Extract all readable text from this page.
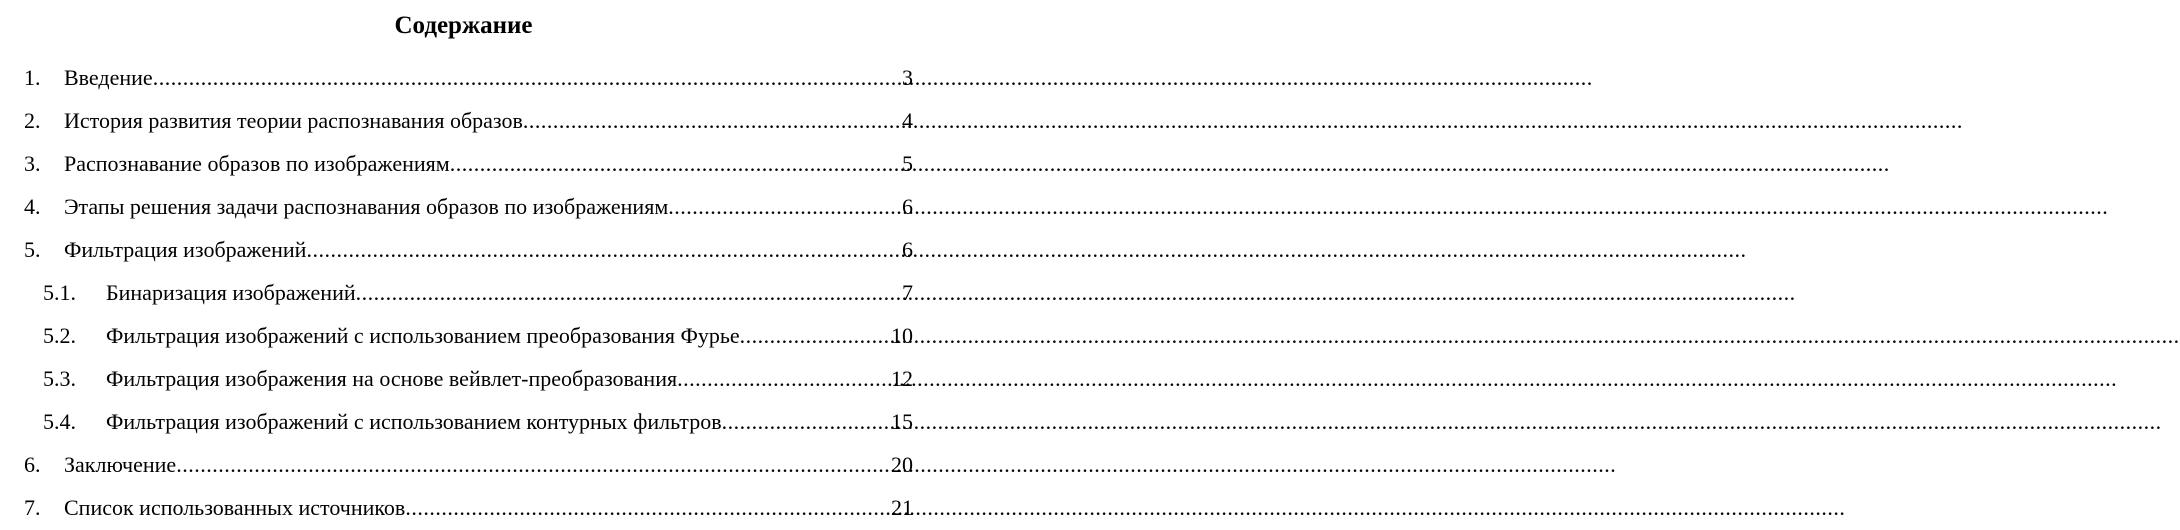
Содержание
1. Введение .....	3
2. История развития теории распознавания образов .....	4
3. Распознавание образов по изображениям .....	5
4. Этапы решения задачи распознавания образов по изображениям .....	6
5. Фильтрация изображений .....	6
5.1. Бинаризация изображений .....	7
5.2. Фильтрация изображений с использованием преобразования Фурье .....	10
5.3. Фильтрация изображения на основе вейвлет-преобразования .....	12
5.4. Фильтрация изображений с использованием контурных фильтров .....	15
6. Заключение .....	20
7. Список использованных источников .....	21
